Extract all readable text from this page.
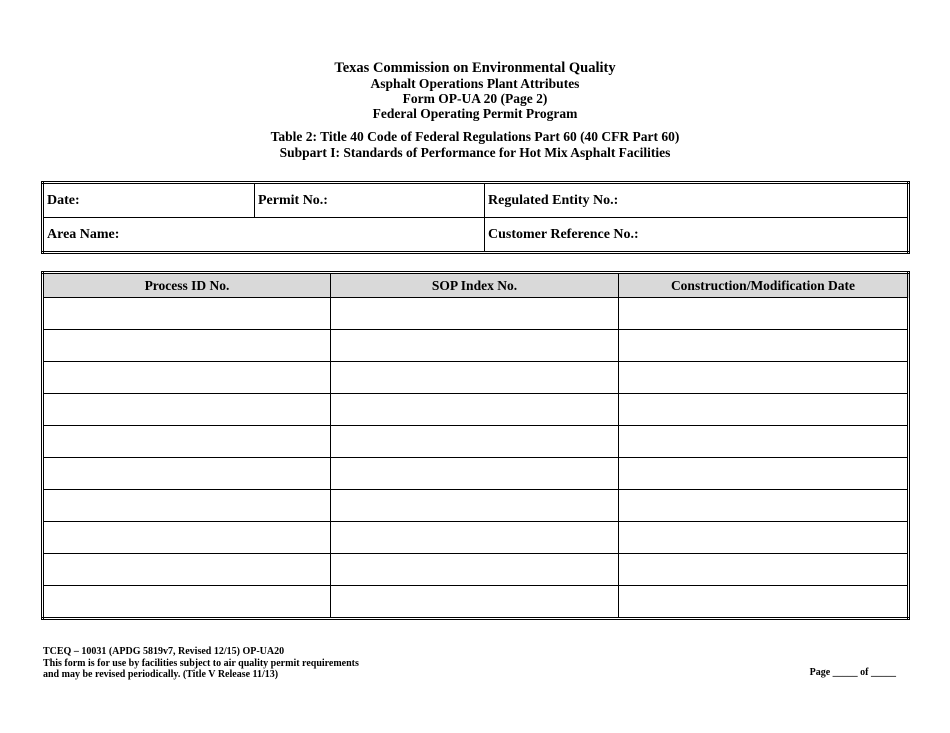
Texas Commission on Environmental Quality
Asphalt Operations Plant Attributes
Form OP-UA 20 (Page 2)
Federal Operating Permit Program
Table 2: Title 40 Code of Federal Regulations Part 60 (40 CFR Part 60)
Subpart I: Standards of Performance for Hot Mix Asphalt Facilities
Date:	Permit No.:	Regulated Entity No.:
Area Name:		Customer Reference No.:
Process ID No.	SOP Index No.	Construction/Modification Date

TCEQ – 10031 (APDG 5819v7, Revised 12/15) OP-UA20
This form is for use by facilities subject to air quality permit requirements
and may be revised periodically. (Title V Release 11/13)	Page _____ of _____
